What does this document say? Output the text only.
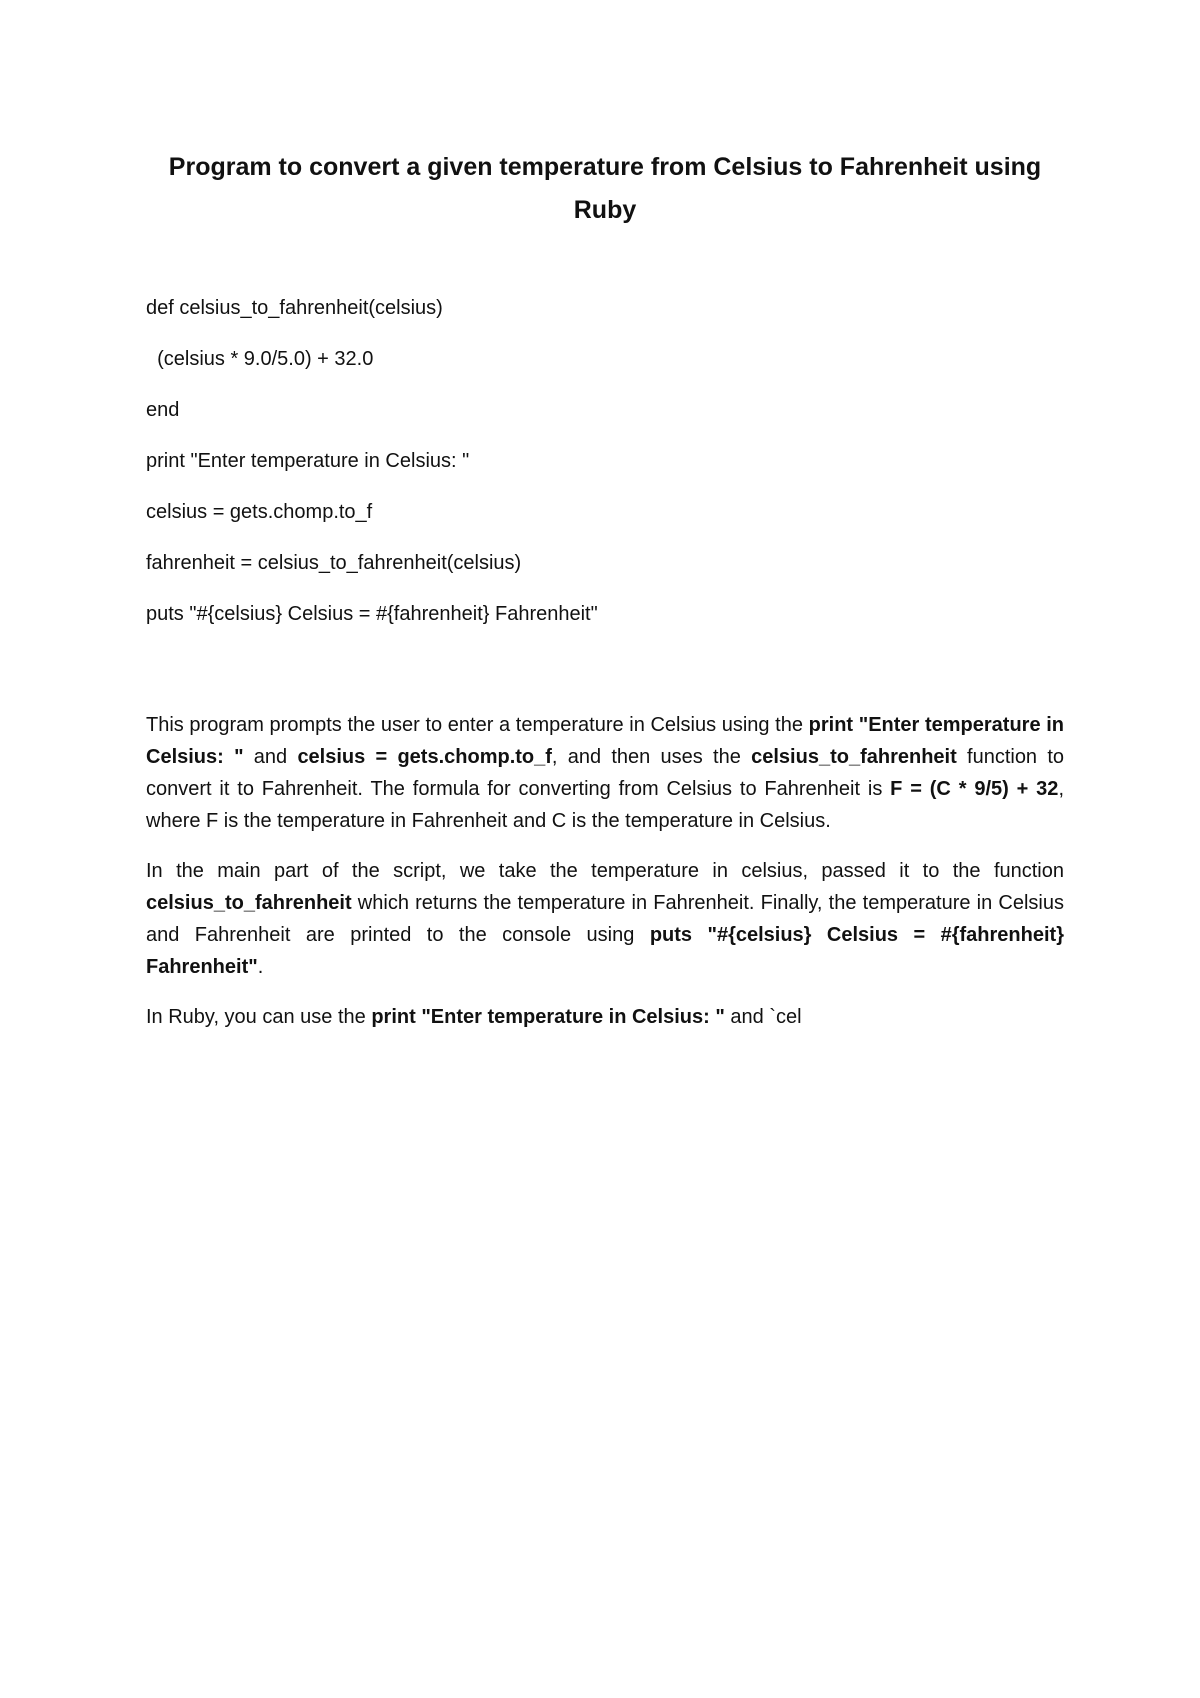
Program to convert a given temperature from Celsius to Fahrenheit using Ruby
def celsius_to_fahrenheit(celsius)
(celsius * 9.0/5.0) + 32.0
end
print "Enter temperature in Celsius: "
celsius = gets.chomp.to_f
fahrenheit = celsius_to_fahrenheit(celsius)
puts "#{celsius} Celsius = #{fahrenheit} Fahrenheit"
This program prompts the user to enter a temperature in Celsius using the print "Enter temperature in Celsius: " and celsius = gets.chomp.to_f, and then uses the celsius_to_fahrenheit function to convert it to Fahrenheit. The formula for converting from Celsius to Fahrenheit is F = (C * 9/5) + 32, where F is the temperature in Fahrenheit and C is the temperature in Celsius.
In the main part of the script, we take the temperature in celsius, passed it to the function celsius_to_fahrenheit which returns the temperature in Fahrenheit. Finally, the temperature in Celsius and Fahrenheit are printed to the console using puts "#{celsius} Celsius = #{fahrenheit} Fahrenheit".
In Ruby, you can use the print "Enter temperature in Celsius: " and `cel
